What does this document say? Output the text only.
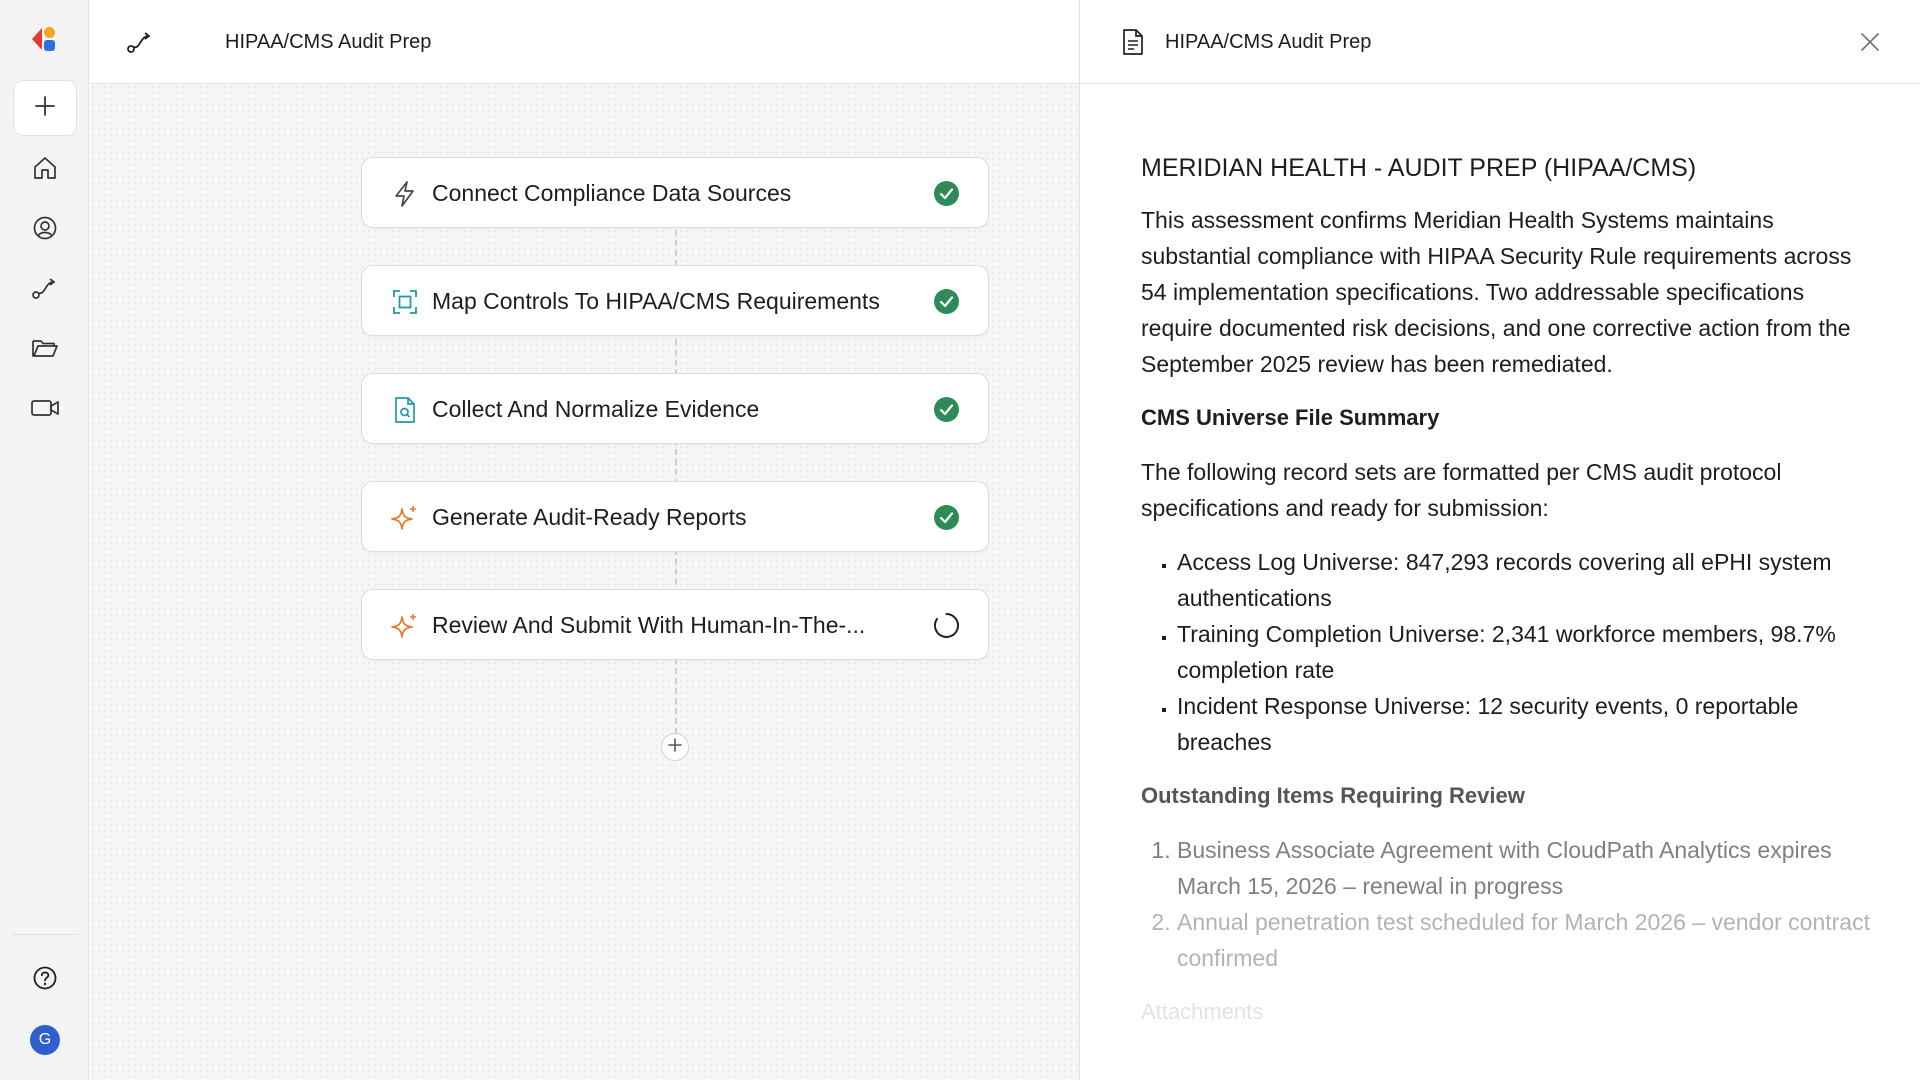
G
HIPAA/CMS Audit Prep
Connect Compliance Data Sources
Map Controls To HIPAA/CMS Requirements
Collect And Normalize Evidence
Generate Audit-Ready Reports
Review And Submit With Human-In-The-...
HIPAA/CMS Audit Prep
MERIDIAN HEALTH - AUDIT PREP (HIPAA/CMS)

This assessment confirms Meridian Health Systems maintains substantial compliance with HIPAA Security Rule requirements across 54 implementation specifications. Two addressable specifications require documented risk decisions, and one corrective action from the September 2025 review has been remediated.

CMS Universe File Summary

The following record sets are formatted per CMS audit protocol specifications and ready for submission:

▪ Access Log Universe: 847,293 records covering all ePHI system authentications
▪ Training Completion Universe: 2,341 workforce members, 98.7% completion rate
▪ Incident Response Universe: 12 security events, 0 reportable breaches
Outstanding Items Requiring Review
1. Business Associate Agreement with CloudPath Analytics expires March 15, 2026 – renewal in progress
2. Annual penetration test scheduled for March 2026 – vendor contract confirmed
Attachments
